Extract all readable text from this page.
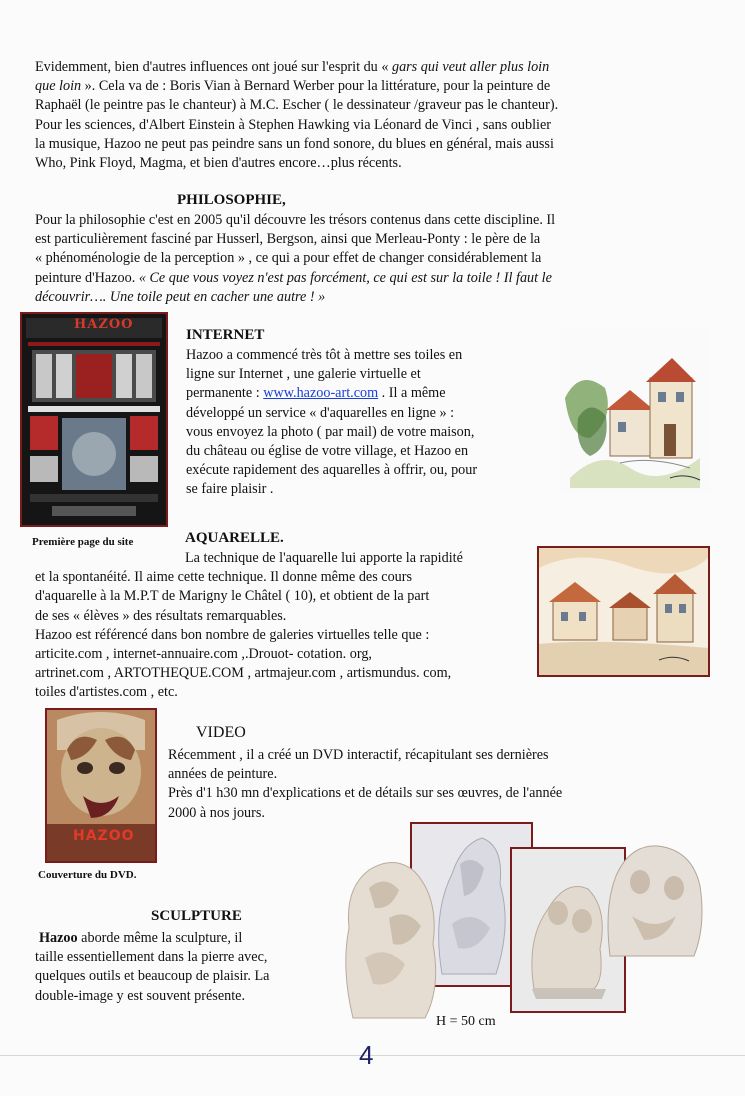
Evidemment, bien d'autres influences ont joué sur l'esprit du « gars qui veut aller plus loin
que loin ». Cela va de : Boris Vian à Bernard Werber pour la littérature, pour la peinture de
Raphaël (le peintre pas le chanteur) à M.C. Escher ( le dessinateur /graveur pas le chanteur).
Pour les sciences, d'Albert Einstein à Stephen Hawking via Léonard de Vinci , sans oublier
la musique, Hazoo ne peut pas peindre sans un fond sonore, du blues en général, mais aussi
Who, Pink Floyd, Magma, et bien d'autres encore…plus récents.
PHILOSOPHIE,
Pour la philosophie c'est en 2005 qu'il découvre les trésors contenus dans cette discipline. Il
est particulièrement fasciné par Husserl, Bergson, ainsi que Merleau-Ponty : le père de la
« phénoménologie de la perception » , ce qui a pour effet de changer considérablement la
peinture d'Hazoo. « Ce que vous voyez n'est pas forcément, ce qui est sur la toile ! Il faut le
découvrir…. Une toile peut en cacher une autre ! »
HAZOO
Première page du site
INTERNET
Hazoo a commencé très tôt à mettre ses toiles en
ligne sur Internet , une galerie virtuelle et
permanente : www.hazoo-art.com . Il a même
développé un service « d'aquarelles en ligne » :
vous envoyez la photo ( par mail) de votre maison,
du château ou église de votre village, et Hazoo en
exécute rapidement des aquarelles à offrir, ou, pour
se faire plaisir .
AQUARELLE.
La technique de l'aquarelle lui apporte la rapidité
et la spontanéité. Il aime cette technique. Il donne même des cours
d'aquarelle à la M.P.T de Marigny le Châtel ( 10), et obtient de la part
de ses « élèves » des résultats remarquables.
Hazoo est référencé dans bon nombre de galeries virtuelles telle que :
articite.com , internet-annuaire.com ,.Drouot- cotation. org,
artrinet.com , ARTOTHEQUE.COM , artmajeur.com , artismundus. com,
toiles d'artistes.com , etc.
HAZOO
Couverture du DVD.
VIDEO
Récemment , il a créé un DVD interactif, récapitulant ses dernières
années de peinture.
Près d'1 h30 mn d'explications et de détails sur ses œuvres, de l'année
2000 à nos jours.
SCULPTURE
Hazoo aborde même la sculpture, il
taille essentiellement dans la pierre avec,
quelques outils et beaucoup de plaisir. La
double-image y est souvent présente.
H = 50 cm
4
